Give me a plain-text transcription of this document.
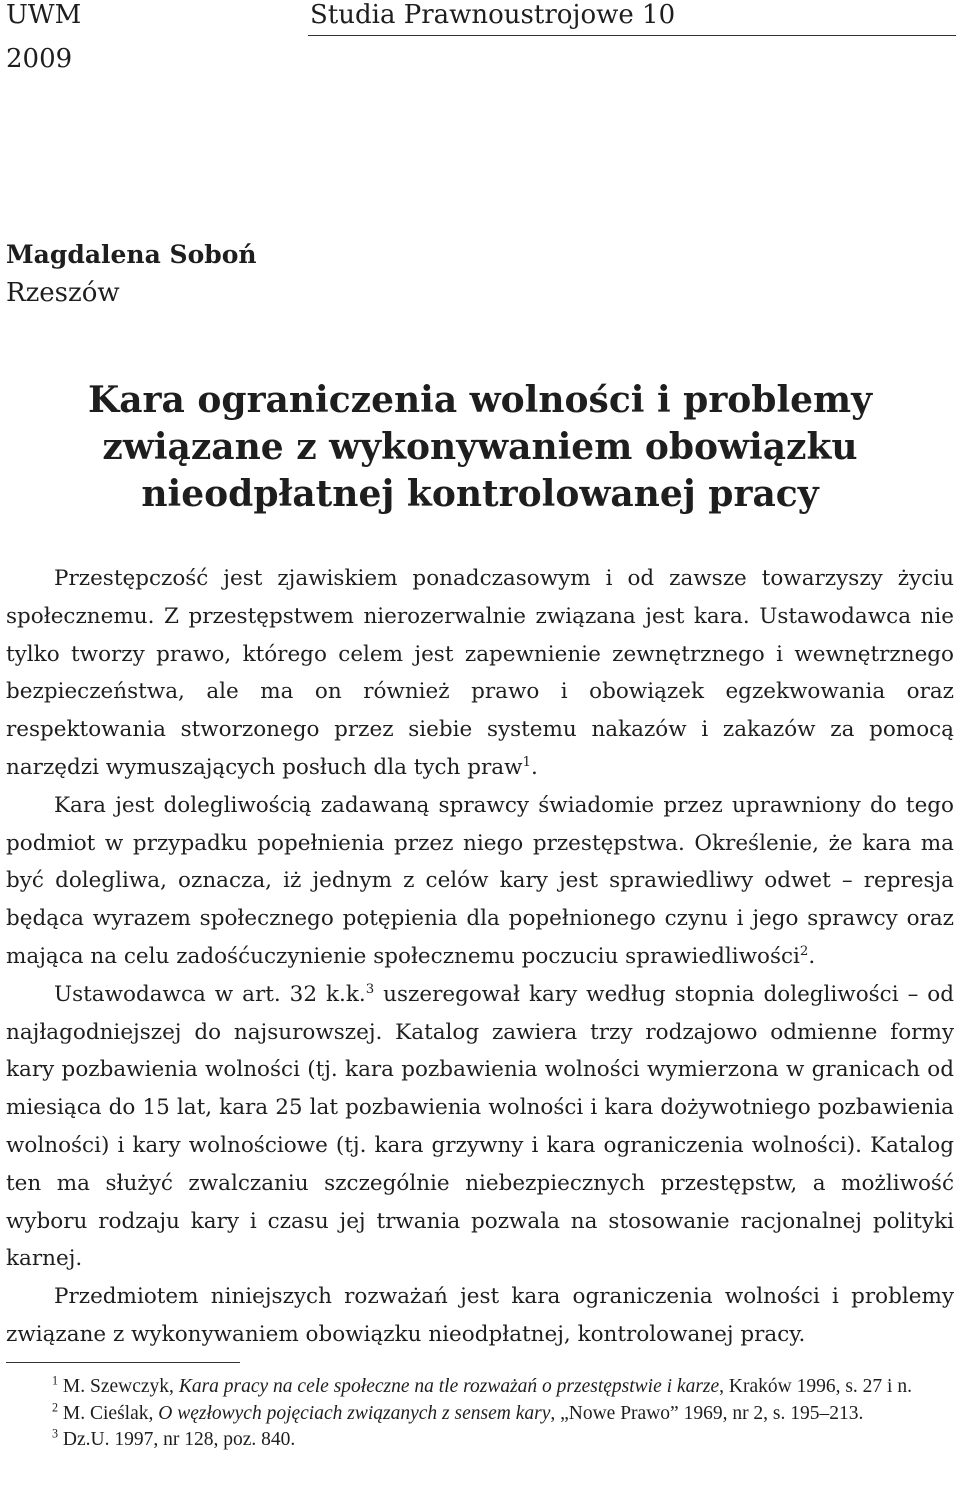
UWM	Studia Prawnoustrojowe 10
2009
Magdalena Soboń
Rzeszów
Kara ograniczenia wolności i problemy
związane z wykonywaniem obowiązku
nieodpłatnej kontrolowanej pracy

Przestępczość jest zjawiskiem ponadczasowym i od zawsze towarzyszy życiu społecznemu. Z przestępstwem nierozerwalnie związana jest kara. Ustawodawca nie tylko tworzy prawo, którego celem jest zapewnienie zewnętrznego i wewnętrznego bezpieczeństwa, ale ma on również prawo i obowiązek egzekwowania oraz respektowania stworzonego przez siebie systemu nakazów i zakazów za pomocą narzędzi wymuszających posłuch dla tych praw$^1$.

Kara jest dolegliwością zadawaną sprawcy świadomie przez uprawniony do tego podmiot w przypadku popełnienia przez niego przestępstwa. Określenie, że kara ma być dolegliwa, oznacza, iż jednym z celów kary jest sprawiedliwy odwet – represja będąca wyrazem społecznego potępienia dla popełnionego czynu i jego sprawcy oraz mająca na celu zadośćuczynienie społecznemu poczuciu sprawiedliwości$^2$.

Ustawodawca w art. 32 k.k.$^3$ uszeregował kary według stopnia dolegliwości – od najłagodniejszej do najsurowszej. Katalog zawiera trzy rodzajowo odmienne formy kary pozbawienia wolności (tj. kara pozbawienia wolności wymierzona w granicach od miesiąca do 15 lat, kara 25 lat pozbawienia wolności i kara dożywotniego pozbawienia wolności) i kary wolnościowe (tj. kara grzywny i kara ograniczenia wolności). Katalog ten ma służyć zwalczaniu szczególnie niebezpiecznych przestępstw, a możliwość wyboru rodzaju kary i czasu jej trwania pozwala na stosowanie racjonalnej polityki karnej.

Przedmiotem niniejszych rozważań jest kara ograniczenia wolności i problemy związane z wykonywaniem obowiązku nieodpłatnej, kontrolowanej pracy.

$^1$ M. Szewczyk, Kara pracy na cele społeczne na tle rozważań o przestępstwie i karze, Kraków 1996, s. 27 i n.

$^2$ M. Cieślak, O węzłowych pojęciach związanych z sensem kary, „Nowe Prawo” 1969, nr 2, s. 195–213.

$^3$ Dz.U. 1997, nr 128, poz. 840.
